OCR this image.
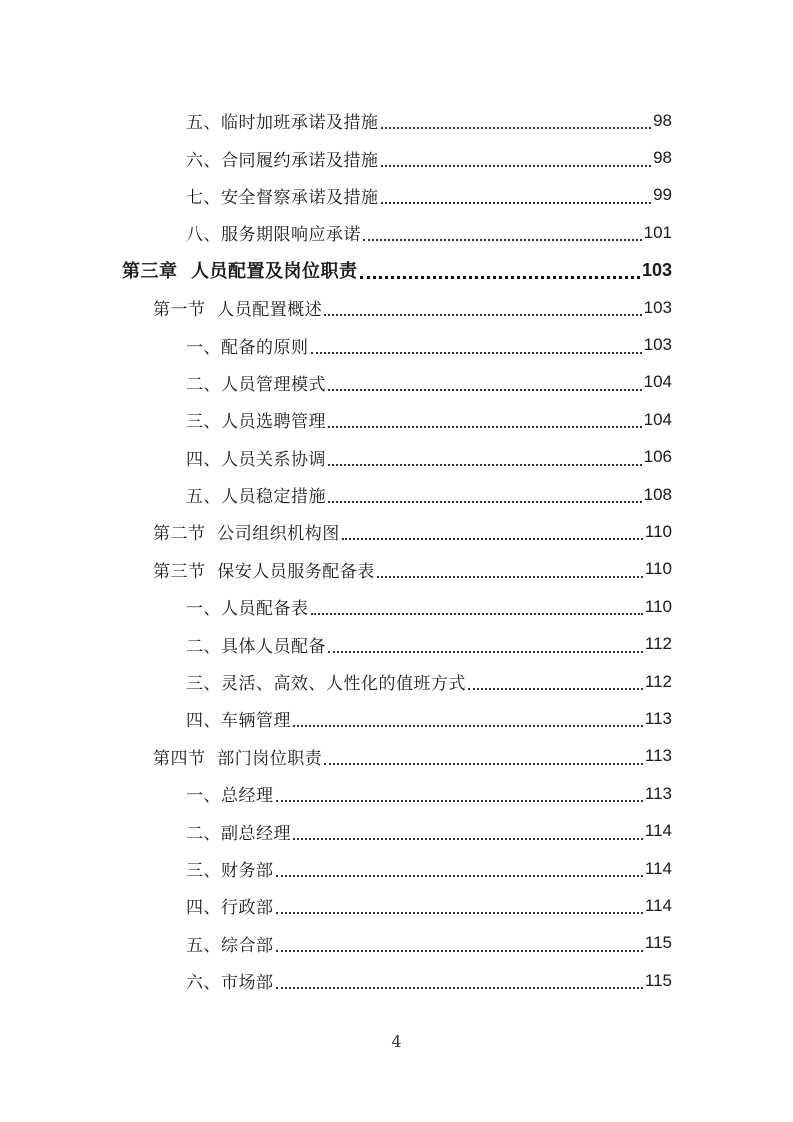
五、临时加班承诺及措施	98
六、合同履约承诺及措施	98
七、安全督察承诺及措施	99
八、服务期限响应承诺	101
第三章  人员配置及岗位职责	103
第一节  人员配置概述	103
一、配备的原则	103
二、人员管理模式	104
三、人员选聘管理	104
四、人员关系协调	106
五、人员稳定措施	108
第二节  公司组织机构图	110
第三节  保安人员服务配备表	110
一、人员配备表	110
二、具体人员配备	112
三、灵活、高效、人性化的值班方式	112
四、车辆管理	113
第四节  部门岗位职责	113
一、总经理	113
二、副总经理	114
三、财务部	114
四、行政部	114
五、综合部	115
六、市场部	115
4
